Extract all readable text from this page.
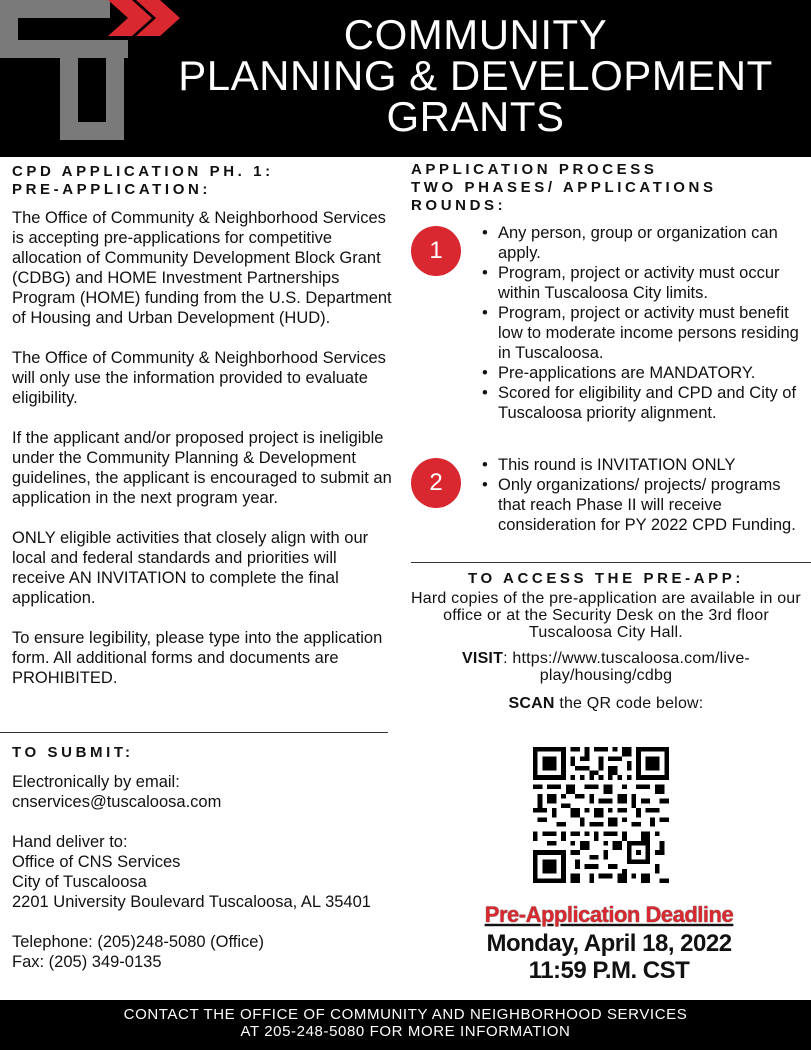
COMMUNITY
PLANNING & DEVELOPMENT
GRANTS
CPD APPLICATION PH. 1:
PRE-APPLICATION:

The Office of Community & Neighborhood Services is accepting pre-applications for competitive allocation of Community Development Block Grant (CDBG) and HOME Investment Partnerships Program (HOME) funding from the U.S. Department of Housing and Urban Development (HUD).

The Office of Community & Neighborhood Services will only use the information provided to evaluate eligibility.

If the applicant and/or proposed project is ineligible under the Community Planning & Development guidelines, the applicant is encouraged to submit an application in the next program year.

ONLY eligible activities that closely align with our local and federal standards and priorities will receive AN INVITATION to complete the final application.

To ensure legibility, please type into the application form. All additional forms and documents are PROHIBITED.

TO SUBMIT:
Electronically by email:
cnservices@tuscaloosa.com
Hand deliver to:
Office of CNS Services
City of Tuscaloosa
2201 University Boulevard Tuscaloosa, AL 35401
Telephone: (205)248-5080 (Office)
Fax: (205) 349-0135
APPLICATION PROCESS
TWO PHASES/ APPLICATIONS
ROUNDS:
1
• Any person, group or organization can apply.
• Program, project or activity must occur within Tuscaloosa City limits.
• Program, project or activity must benefit low to moderate income persons residing in Tuscaloosa.
• Pre-applications are MANDATORY.
• Scored for eligibility and CPD and City of Tuscaloosa priority alignment.
2
• This round is INVITATION ONLY
• Only organizations/ projects/ programs that reach Phase II will receive consideration for PY 2022 CPD Funding.
TO ACCESS THE PRE-APP:
Hard copies of the pre-application are available in our office or at the Security Desk on the 3rd floor Tuscaloosa City Hall.
VISIT: https://www.tuscaloosa.com/live-play/housing/cdbg
SCAN the QR code below:
Pre-Application Deadline
Monday, April 18, 2022
11:59 P.M. CST
CONTACT THE OFFICE OF COMMUNITY AND NEIGHBORHOOD SERVICES
AT 205-248-5080 FOR MORE INFORMATION
